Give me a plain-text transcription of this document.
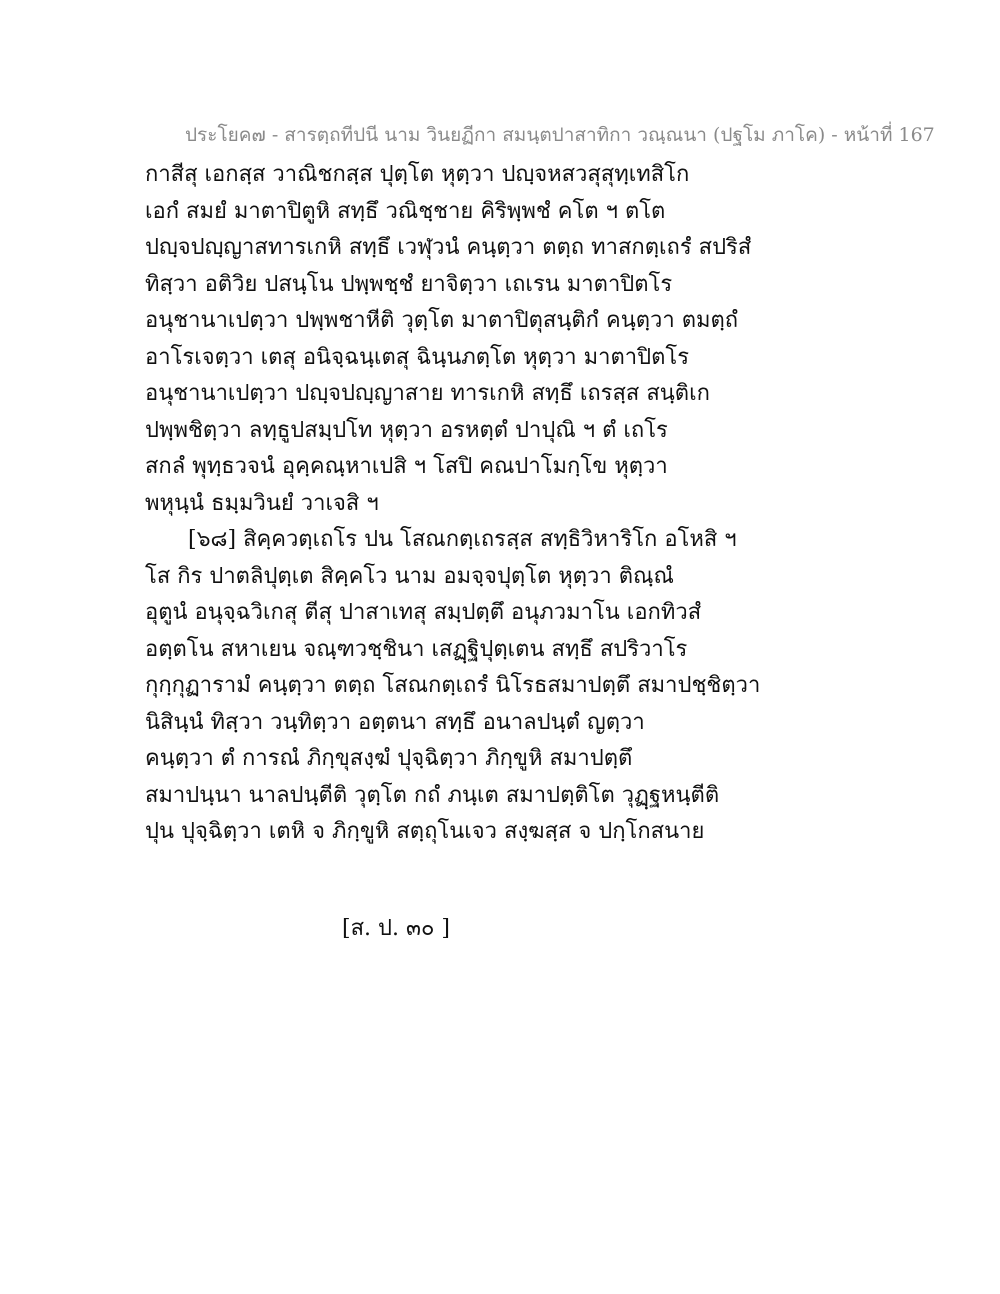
ประโยค๗ - สารตฺถทีปนี นาม วินยฏีกา สมนฺตปาสาทิกา วณฺณนา (ปฐโม ภาโค) - หน้าที่ 167
กาสีสุ เอกสฺส วาณิชกสฺส ปุตฺโต หุตฺวา ปญฺจหสวสุสุทฺเทสิโก
เอกํ สมยํ มาตาปิตูหิ สทฺธึ วณิชฺชาย คิริพฺพชํ คโต ฯ ตโต
ปญฺจปญฺญาสทารเกหิ สทฺธึ เวฬุวนํ คนฺตฺวา ตตฺถ ทาสกตฺเถรํ สปริสํ
ทิสฺวา อติวิย ปสนฺโน ปพฺพชฺชํ ยาจิตฺวา เถเรน มาตาปิตโร
อนุชานาเปตฺวา ปพฺพชาหีติ วุตฺโต มาตาปิตุสนฺติกํ คนฺตฺวา ตมตฺถํ
อาโรเจตฺวา เตสุ อนิจฺฉนฺเตสุ ฉินฺนภตฺโต หุตฺวา มาตาปิตโร
อนุชานาเปตฺวา ปญฺจปญฺญาสาย ทารเกหิ สทฺธึ เถรสฺส สนฺติเก
ปพฺพชิตฺวา ลทฺธูปสมฺปโท หุตฺวา อรหตฺตํ ปาปุณิ ฯ ตํ เถโร
สกลํ พุทฺธวจนํ อุคฺคณฺหาเปสิ ฯ โสปิ คณปาโมกฺโข หุตฺวา
พหุนฺนํ ธมฺมวินยํ วาเจสิ ฯ
[๖๘] สิคฺควตฺเถโร ปน โสณกตฺเถรสฺส สทฺธิวิหาริโก อโหสิ ฯ
โส กิร ปาตลิปุตฺเต สิคฺคโว นาม อมจฺจปุตฺโต หุตฺวา ติณฺณํ
อุตูนํ อนุจฺฉวิเกสุ ตีสุ ปาสาเทสุ สมฺปตฺตึ อนุภวมาโน เอกทิวสํ
อตฺตโน สหาเยน จณฺฑวชฺชินา เสฏฺฐิปุตฺเตน สทฺธึ สปริวาโร
กุกฺกุฏารามํ คนฺตฺวา ตตฺถ โสณกตฺเถรํ นิโรธสมาปตฺตึ สมาปชฺชิตฺวา
นิสินฺนํ ทิสฺวา วนฺทิตฺวา อตฺตนา สทฺธึ อนาลปนฺตํ ญตฺวา
คนฺตฺวา ตํ การณํ ภิกฺขุสงฺฆํ ปุจฺฉิตฺวา ภิกฺขูหิ สมาปตฺตึ
สมาปนฺนา นาลปนฺตีติ วุตฺโต กถํ ภนฺเต สมาปตฺติโต วุฏฺฐหนฺตีติ
ปุน ปุจฺฉิตฺวา เตหิ จ ภิกฺขูหิ สตฺถุโนเจว สงฺฆสฺส จ ปกฺโกสนาย
[ส. ป. ๓๐ ]
